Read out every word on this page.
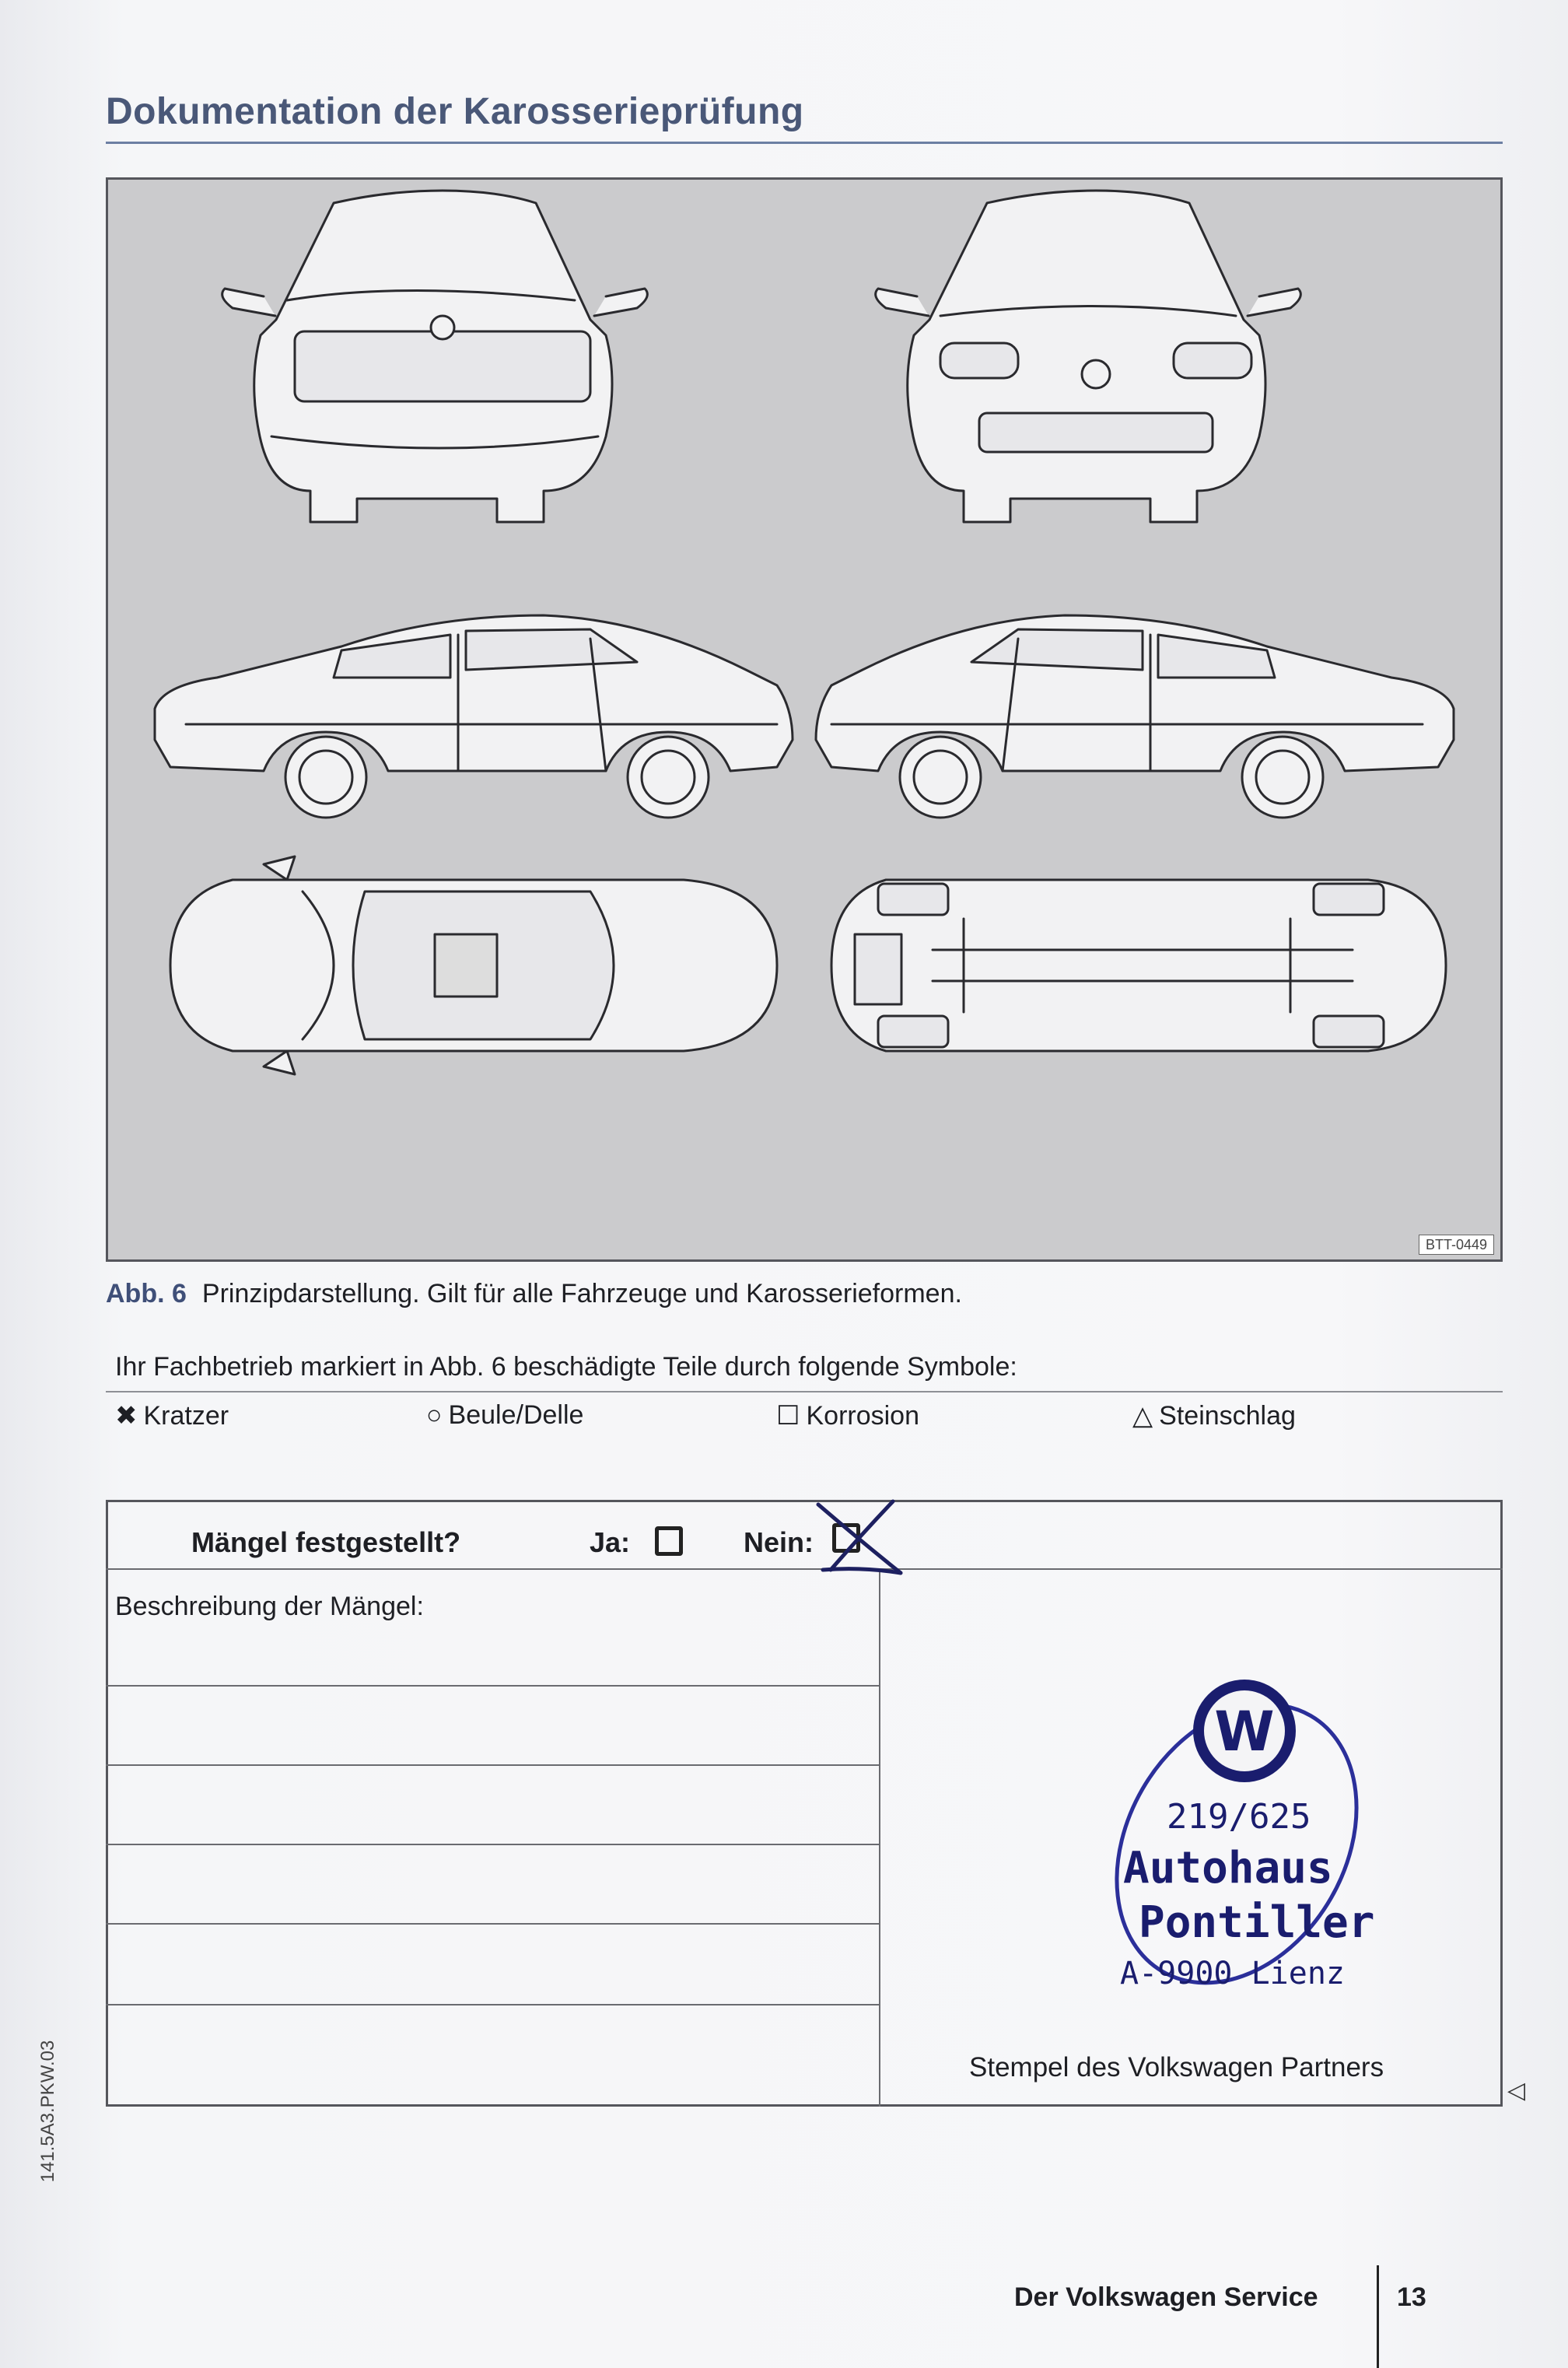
Dokumentation der Karosserieprüfung
BTT-0449
Abb. 6 Prinzipdarstellung. Gilt für alle Fahrzeuge und Karosserieformen.
Ihr Fachbetrieb markiert in Abb. 6 beschädigte Teile durch folgende Symbole:
✖ Kratzer	○ Beule/Delle	☐ Korrosion	△ Steinschlag
Mängel festgestellt?	Ja:	Nein:
Beschreibung der Mängel:
W
219/625
Autohaus
Pontiller
A-9900 Lienz
Stempel des Volkswagen Partners
◁
141.5A3.PKW.03
Der Volkswagen Service	13
